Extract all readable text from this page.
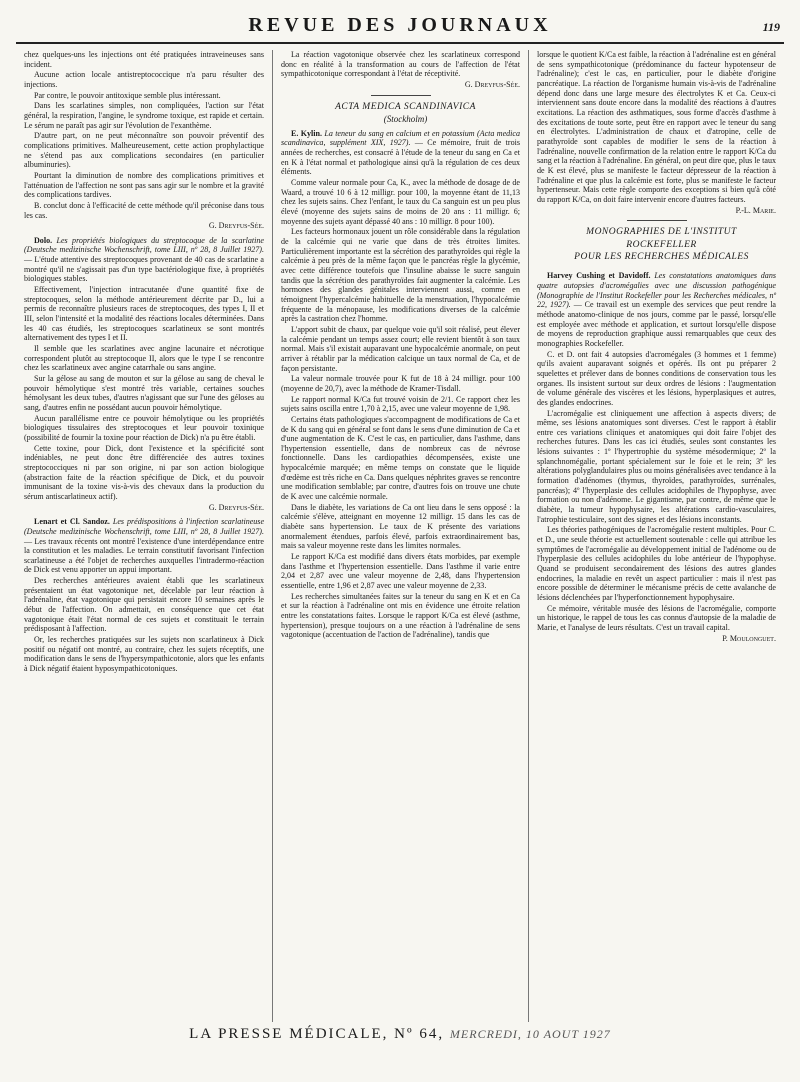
REVUE DES JOURNAUX	119

chez quelques-uns les injections ont été pratiquées intraveineuses sans incident.

Aucune action locale antistreptococcique n'a paru résulter des injections.

Par contre, le pouvoir antitoxique semble plus intéressant.

Dans les scarlatines simples, non compliquées, l'action sur l'état général, la respiration, l'angine, le syndrome toxique, est rapide et certain. Le sérum ne paraît pas agir sur l'évolution de l'exanthème.

D'autre part, on ne peut méconnaître son pouvoir préventif des complications primitives. Malheureusement, cette action prophylactique ne s'étend pas aux complications secondaires (en particulier albuminuries).

Pourtant la diminution de nombre des complications primitives et l'atténuation de l'affection ne sont pas sans agir sur le nombre et la gravité des complications tardives.

B. conclut donc à l'efficacité de cette méthode qu'il préconise dans tous les cas.

G. Dreyfus-Sée.

Dolo. Les propriétés biologiques du streptocoque de la scarlatine (Deutsche medizinische Wochenschrift, tome LIII, nº 28, 8 Juillet 1927). — L'étude attentive des streptocoques provenant de 40 cas de scarlatine a montré qu'il ne s'agissait pas d'un type bactériologique fixe, à propriétés biologiques stables.

Effectivement, l'injection intracutanée d'une quantité fixe de streptocoques, selon la méthode antérieurement décrite par D., lui a permis de reconnaître plusieurs races de streptocoques, des types I, II et III, selon l'intensité et la modalité des réactions locales déterminées. Dans les 40 cas étudiés, les streptocoques scarlatineux se sont montrés alternativement des types I et II.

Il semble que les scarlatines avec angine lacunaire et nécrotique correspondent plutôt au streptocoque II, alors que le type I se rencontre chez les scarlatineux avec angine catarrhale ou sans angine.

Sur la gélose au sang de mouton et sur la gélose au sang de cheval le pouvoir hémolytique s'est montré très variable, certaines souches hémolysant les deux tubes, d'autres n'agissant que sur l'une des géloses au sang, d'autres enfin ne possédant aucun pouvoir hémolytique.

Aucun parallélisme entre ce pouvoir hémolytique ou les propriétés biologiques tissulaires des streptocoques et leur pouvoir toxinique (possibilité de fournir la toxine pour réaction de Dick) n'a pu être établi.

Cette toxine, pour Dick, dont l'existence et la spécificité sont indéniables, ne peut donc être différenciée des autres toxines streptococciques ni par son origine, ni par son action biologique (abstraction faite de la réaction spécifique de Dick, et du pouvoir immunisant de la toxine vis-à-vis des chevaux dans la production du sérum antiscarlatineux actif).

G. Dreyfus-Sée.

Lenart et Cl. Sandoz. Les prédispositions à l'infection scarlatineuse (Deutsche medizinische Wochenschrift, tome LIII, nº 28, 8 Juillet 1927). — Les travaux récents ont montré l'existence d'une interdépendance entre la constitution et les maladies. Le terrain constitutif favorisant l'infection scarlatineuse a été l'objet de recherches auxquelles l'intradermo-réaction de Dick est venu apporter un appui important.

Des recherches antérieures avaient établi que les scarlatineux présentaient un état vagotonique net, décelable par leur réaction à l'adrénaline, état vagotonique qui persistait encore 10 semaines après le début de l'affection. On admettait, en conséquence que cet état vagotonique était l'état normal de ces sujets et constituait le terrain prédisposant à l'affection.

Or, les recherches pratiquées sur les sujets non scarlatineux à Dick positif ou négatif ont montré, au contraire, chez les sujets réceptifs, une modification dans le sens de l'hypersympathicotonie, alors que les enfants à Dick négatif étaient hyposympathicotoniques.

La réaction vagotonique observée chez les scarlatineux correspond donc en réalité à la transformation au cours de l'affection de l'état sympathicotonique correspondant à l'état de réceptivité.

G. Dreyfus-Sée.

ACTA MEDICA SCANDINAVICA

(Stockholm)

E. Kylin. La teneur du sang en calcium et en potassium (Acta medica scandinavica, supplément XIX, 1927). — Ce mémoire, fruit de trois années de recherches, est consacré à l'étude de la teneur du sang en Ca et en K à l'état normal et pathologique ainsi qu'à la régulation de ces deux éléments.

Comme valeur normale pour Ca, K., avec la méthode de dosage de de Waard, a trouvé 10 6 à 12 milligr. pour 100, la moyenne étant de 11,13 chez les sujets sains. Chez l'enfant, le taux du Ca sanguin est un peu plus élevé (moyenne des sujets sains de moins de 20 ans : 11 milligr. 6; moyenne des sujets ayant dépassé 40 ans : 10 milligr. 8 pour 100).

Les facteurs hormonaux jouent un rôle considérable dans la régulation de la calcémie qui ne varie que dans de très étroites limites. Particulièrement importante est la sécrétion des parathyroïdes qui règle la calcémie à peu près de la même façon que le pancréas règle la glycémie, avec cette différence toutefois que l'insuline abaisse le sucre sanguin tandis que la sécrétion des parathyroïdes fait augmenter la calcémie. Les hormones des glandes génitales interviennent aussi, comme en témoignent l'hypercalcémie habituelle de la menstruation, l'hypocalcémie fréquente de la ménopause, les modifications diverses de la calcémie après la castration chez l'homme.

L'apport subit de chaux, par quelque voie qu'il soit réalisé, peut élever la calcémie pendant un temps assez court; elle revient bientôt à son taux normal. Mais s'il existait auparavant une hypocalcémie anormale, on peut arriver à rétablir par la médication calcique un taux normal de Ca, et de façon persistante.

La valeur normale trouvée pour K fut de 18 à 24 milligr. pour 100 (moyenne de 20,7), avec la méthode de Kramer-Tisdall.

Le rapport normal K/Ca fut trouvé voisin de 2/1. Ce rapport chez les sujets sains oscilla entre 1,70 à 2,15, avec une valeur moyenne de 1,98.

Certains états pathologiques s'accompagnent de modifications de Ca et de K du sang qui en général se font dans le sens d'une diminution de Ca et d'une augmentation de K. C'est le cas, en particulier, dans l'asthme, dans l'hypertension essentielle, dans de nombreux cas de névrose fonctionnelle. Dans les cardiopathies décompensées, existe une hypocalcémie marquée; en même temps on constate que le liquide d'œdème est très riche en Ca. Dans quelques néphrites graves se rencontre une modification semblable; par contre, d'autres fois on trouve une chute de K avec une calcémie normale.

Dans le diabète, les variations de Ca ont lieu dans le sens opposé : la calcémie s'élève, atteignant en moyenne 12 milligr. 15 dans les cas de diabète sans hypertension. Le taux de K présente des variations anormalement étendues, parfois élevé, parfois extraordinairement bas, mais sa valeur moyenne reste dans les limites normales.

Le rapport K/Ca est modifié dans divers états morbides, par exemple dans l'asthme et l'hypertension essentielle. Dans l'asthme il varie entre 2,04 et 2,87 avec une valeur moyenne de 2,48, dans l'hypertension essentielle, entre 1,96 et 2,87 avec une valeur moyenne de 2,33.

Les recherches simultanées faites sur la teneur du sang en K et en Ca et sur la réaction à l'adrénaline ont mis en évidence une étroite relation entre les constatations faites. Lorsque le rapport K/Ca est élevé (asthme, hypertension), presque toujours on a une réaction à l'adrénaline de sens vagotonique (accentuation de l'action de l'adrénaline), tandis que

lorsque le quotient K/Ca est faible, la réaction à l'adrénaline est en général de sens sympathicotonique (prédominance du facteur hypotenseur de l'adrénaline); c'est le cas, en particulier, pour le diabète d'origine pancréatique. La réaction de l'organisme humain vis-à-vis de l'adrénaline dépend donc dans une large mesure des électrolytes K et Ca. Ceux-ci interviennent sans doute encore dans la modalité des réactions à d'autres excitations. La réaction des asthmatiques, sous forme d'accès d'asthme à des excitations de toute sorte, peut être en rapport avec le teneur du sang en électrolytes. L'administration de chaux et d'atropine, celle de parathyroïde sont capables de modifier le sens de la réaction à l'adrénaline, nouvelle confirmation de la relation entre le rapport K/Ca du sang et la réaction à l'adrénaline. En général, on peut dire que, plus le taux de K est élevé, plus se manifeste le facteur dépresseur de la réaction à l'adrénaline et que plus la calcémie est forte, plus se manifeste le facteur hypertenseur. Mais cette règle comporte des exceptions si bien qu'à côté du rapport K/Ca, on doit faire intervenir encore d'autres facteurs.

P.-L. Marie.

MONOGRAPHIES DE L'INSTITUT

ROCKEFELLER

POUR LES RECHERCHES MÉDICALES

Harvey Cushing et Davidoff. Les constatations anatomiques dans quatre autopsies d'acromégalies avec une discussion pathogénique (Monographie de l'Institut Rockefeller pour les Recherches médicales, nº 22, 1927). — Ce travail est un exemple des services que peut rendre la méthode anatomo-clinique de nos jours, comme par le passé, lorsqu'elle est employée avec méthode et application, et surtout lorsqu'elle dispose de moyens de reproduction graphique aussi remarquables que ceux des monographies Rockefeller.

C. et D. ont fait 4 autopsies d'acromégales (3 hommes et 1 femme) qu'ils avaient auparavant soignés et opérés. Ils ont pu préparer 2 squelettes et prélever dans de bonnes conditions de conservation tous les organes. Ils insistent surtout sur deux ordres de lésions : l'augmentation de volume générale des viscères et les lésions, hyperplasiques et autres, des glandes endocrines.

L'acromégalie est cliniquement une affection à aspects divers; de même, ses lésions anatomiques sont diverses. C'est le rapport à établir entre ces variations cliniques et anatomiques qui doit faire l'objet des recherches futures. Dans les cas ici étudiés, seules sont constantes les lésions suivantes : 1º l'hypertrophie du système mésodermique; 2º la splanchnomégalie, portant spécialement sur le foie et le rein; 3º les altérations polyglandulaires plus ou moins généralisées avec tendance à la formation d'adénomes (thymus, thyroïdes, parathyroïdes, surrénales, pancréas); 4º l'hyperplasie des cellules acidophiles de l'hypophyse, avec formation ou non d'adénome. Le gigantisme, par contre, de même que le diabète, la tumeur hypophysaire, les altérations cardio-vasculaires, l'atrophie testiculaire, sont des signes et des lésions inconstants.

Les théories pathogéniques de l'acromégalie restent multiples. Pour C. et D., une seule théorie est actuellement soutenable : celle qui attribue les symptômes de l'acromégalie au développement initial de l'adénome ou de l'hyperplasie des cellules acidophiles du lobe antérieur de l'hypophyse. Quand se produisent secondairement des lésions des autres glandes endocrines, la maladie en revêt un aspect particulier : mais il n'est pas encore possible de déterminer le mécanisme précis de cette avalanche de lésions déclenchées par l'hyperfonctionnement hypophysaire.

Ce mémoire, véritable musée des lésions de l'acromégalie, comporte un historique, le rappel de tous les cas connus d'autopsie de la maladie de Marie, et l'analyse de leurs résultats. C'est un travail capital.

P. Moulonguet.

LA PRESSE MÉDICALE, Nº 64, MERCREDI, 10 AOUT 1927
